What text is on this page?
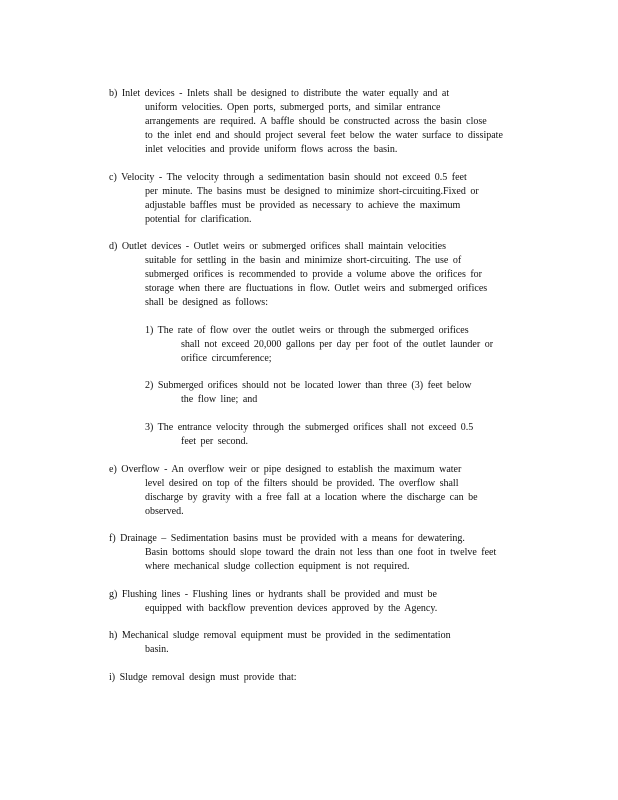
b) Inlet devices - Inlets shall be designed to distribute the water equally and at
uniform velocities. Open ports, submerged ports, and similar entrance
arrangements are required. A baffle should be constructed across the basin close
to the inlet end and should project several feet below the water surface to dissipate
inlet velocities and provide uniform flows across the basin.
c) Velocity - The velocity through a sedimentation basin should not exceed 0.5 feet
per minute. The basins must be designed to minimize short-circuiting.Fixed or
adjustable baffles must be provided as necessary to achieve the maximum
potential for clarification.
d) Outlet devices - Outlet weirs or submerged orifices shall maintain velocities
suitable for settling in the basin and minimize short-circuiting. The use of
submerged orifices is recommended to provide a volume above the orifices for
storage when there are fluctuations in flow. Outlet weirs and submerged orifices
shall be designed as follows:
1) The rate of flow over the outlet weirs or through the submerged orifices
shall not exceed 20,000 gallons per day per foot of the outlet launder or
orifice circumference;
2) Submerged orifices should not be located lower than three (3) feet below
the flow line; and
3) The entrance velocity through the submerged orifices shall not exceed 0.5
feet per second.
e) Overflow - An overflow weir or pipe designed to establish the maximum water
level desired on top of the filters should be provided. The overflow shall
discharge by gravity with a free fall at a location where the discharge can be
observed.
f) Drainage – Sedimentation basins must be provided with a means for dewatering.
Basin bottoms should slope toward the drain not less than one foot in twelve feet
where mechanical sludge collection equipment is not required.
g) Flushing lines - Flushing lines or hydrants shall be provided and must be
equipped with backflow prevention devices approved by the Agency.
h) Mechanical sludge removal equipment must be provided in the sedimentation
basin.
i) Sludge removal design must provide that:
